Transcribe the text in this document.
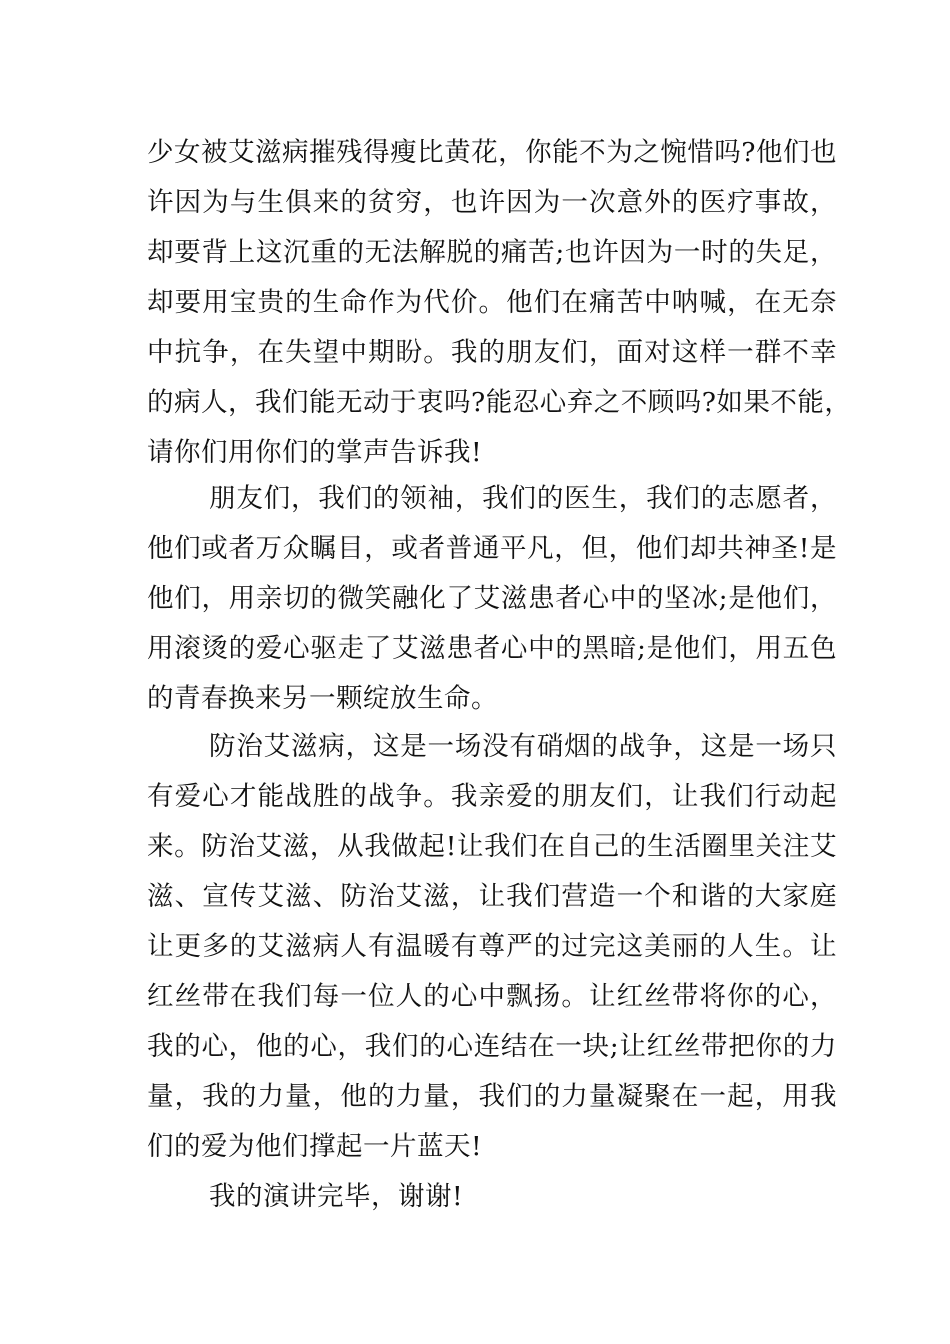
少女被艾滋病摧残得瘦比黄花，你能不为之惋惜吗?他们也
许因为与生俱来的贫穷，也许因为一次意外的医疗事故，
却要背上这沉重的无法解脱的痛苦;也许因为一时的失足，
却要用宝贵的生命作为代价。他们在痛苦中呐喊，在无奈
中抗争，在失望中期盼。我的朋友们，面对这样一群不幸
的病人，我们能无动于衷吗?能忍心弃之不顾吗?如果不能，
请你们用你们的掌声告诉我!
朋友们，我们的领袖，我们的医生，我们的志愿者，
他们或者万众瞩目，或者普通平凡，但，他们却共神圣!是
他们，用亲切的微笑融化了艾滋患者心中的坚冰;是他们，
用滚烫的爱心驱走了艾滋患者心中的黑暗;是他们，用五色
的青春换来另一颗绽放生命。
防治艾滋病，这是一场没有硝烟的战争，这是一场只
有爱心才能战胜的战争。我亲爱的朋友们，让我们行动起
来。防治艾滋，从我做起!让我们在自己的生活圈里关注艾
滋、宣传艾滋、防治艾滋，让我们营造一个和谐的大家庭
让更多的艾滋病人有温暖有尊严的过完这美丽的人生。让
红丝带在我们每一位人的心中飘扬。让红丝带将你的心，
我的心，他的心，我们的心连结在一块;让红丝带把你的力
量，我的力量，他的力量，我们的力量凝聚在一起，用我
们的爱为他们撑起一片蓝天!
我的演讲完毕，谢谢!
